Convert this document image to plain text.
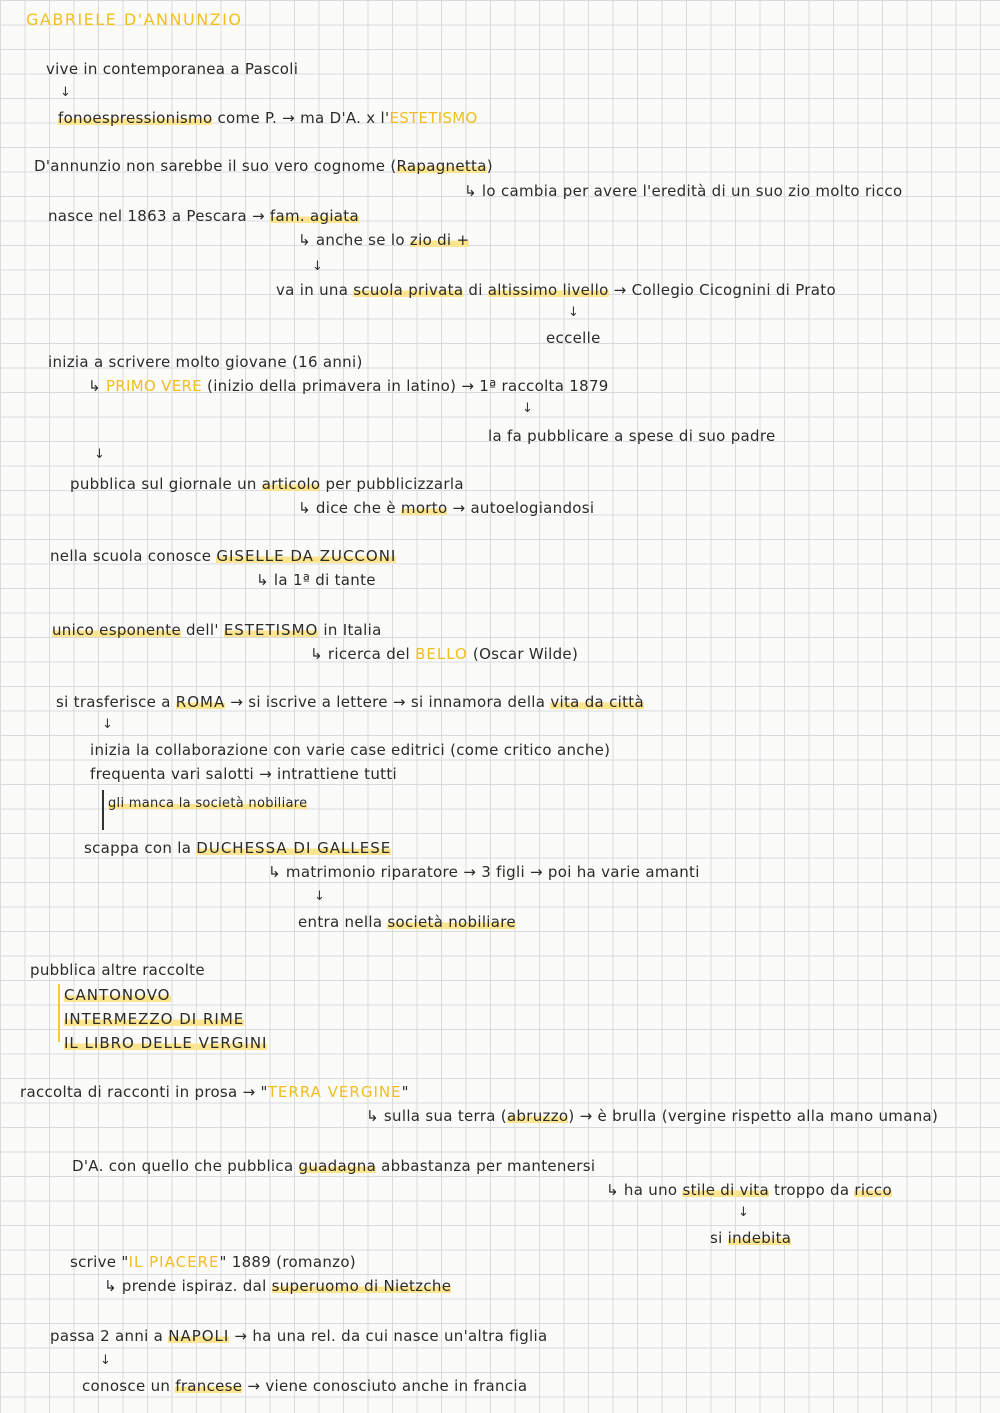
GABRIELE D'ANNUNZIO
vive in contemporanea a Pascoli
↓
fonoespressionismo come P. → ma D'A. x l'ESTETISMO
D'annunzio non sarebbe il suo vero cognome (Rapagnetta)
↳ lo cambia per avere l'eredità di un suo zio molto ricco
nasce nel 1863 a Pescara → fam. agiata
↳ anche se lo zio di +
↓
va in una scuola privata di altissimo livello → Collegio Cicognini di Prato
↓
eccelle
inizia a scrivere molto giovane (16 anni)
↳ PRIMO VERE (inizio della primavera in latino) → 1ª raccolta 1879
↓
la fa pubblicare a spese di suo padre
↓
pubblica sul giornale un articolo per pubblicizzarla
↳ dice che è morto → autoelogiandosi
nella scuola conosce GISELLE DA ZUCCONI
↳ la 1ª di tante
unico esponente dell' ESTETISMO in Italia
↳ ricerca del BELLO (Oscar Wilde)
si trasferisce a ROMA → si iscrive a lettere → si innamora della vita da città
↓
inizia la collaborazione con varie case editrici (come critico anche)
frequenta vari salotti → intrattiene tutti
gli manca la società nobiliare
scappa con la DUCHESSA DI GALLESE
↳ matrimonio riparatore → 3 figli → poi ha varie amanti
↓
entra nella società nobiliare
pubblica altre raccolte
CANTONOVO
INTERMEZZO DI RIME
IL LIBRO DELLE VERGINI
raccolta di racconti in prosa → "TERRA VERGINE"
↳ sulla sua terra (abruzzo) → è brulla (vergine rispetto alla mano umana)
D'A. con quello che pubblica guadagna abbastanza per mantenersi
↳ ha uno stile di vita troppo da ricco
↓
si indebita
scrive "IL PIACERE" 1889 (romanzo)
↳ prende ispiraz. dal superuomo di Nietzche
passa 2 anni a NAPOLI → ha una rel. da cui nasce un'altra figlia
↓
conosce un francese → viene conosciuto anche in francia
